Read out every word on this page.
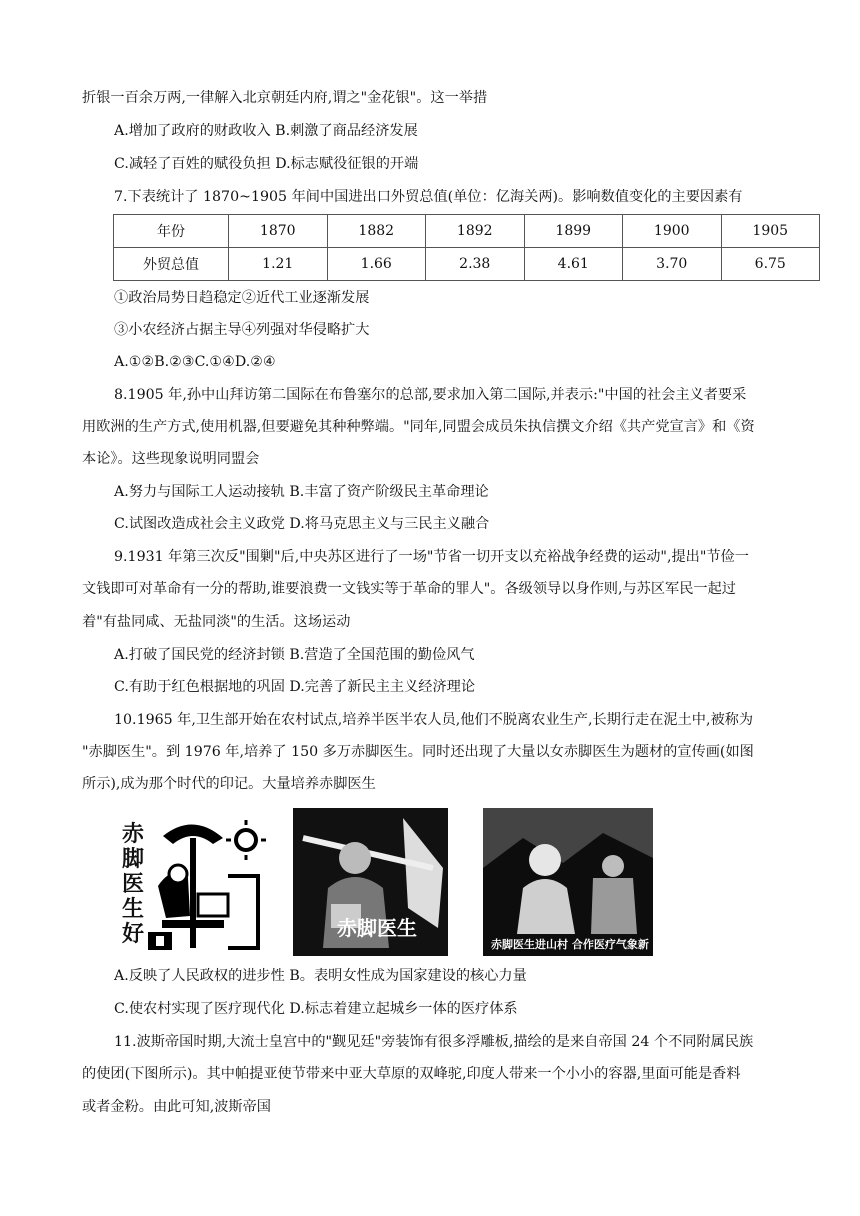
折银一百余万两,一律解入北京朝廷内府,谓之"金花银"。这一举措
A.增加了政府的财政收入 B.刺激了商品经济发展
C.减轻了百姓的赋役负担 D.标志赋役征银的开端
7.下表统计了 1870~1905 年间中国进出口外贸总值(单位：亿海关两)。影响数值变化的主要因素有
年份	1870	1882	1892	1899	1900	1905
外贸总值	1.21	1.66	2.38	4.61	3.70	6.75
①政治局势日趋稳定②近代工业逐渐发展
③小农经济占据主导④列强对华侵略扩大
A.①②B.②③C.①④D.②④
8.1905 年,孙中山拜访第二国际在布鲁塞尔的总部,要求加入第二国际,并表示:"中国的社会主义者要采
用欧洲的生产方式,使用机器,但要避免其种种弊端。"同年,同盟会成员朱执信撰文介绍《共产党宣言》和《资
本论》。这些现象说明同盟会
A.努力与国际工人运动接轨 B.丰富了资产阶级民主革命理论
C.试图改造成社会主义政党 D.将马克思主义与三民主义融合
9.1931 年第三次反"围剿"后,中央苏区进行了一场"节省一切开支以充裕战争经费的运动",提出"节俭一
文钱即可对革命有一分的帮助,谁要浪费一文钱实等于革命的罪人"。各级领导以身作则,与苏区军民一起过
着"有盐同咸、无盐同淡"的生活。这场运动
A.打破了国民党的经济封锁 B.营造了全国范围的勤俭风气
C.有助于红色根据地的巩固 D.完善了新民主主义经济理论
10.1965 年,卫生部开始在农村试点,培养半医半农人员,他们不脱离农业生产,长期行走在泥土中,被称为
"赤脚医生"。到 1976 年,培养了 150 多万赤脚医生。同时还出现了大量以女赤脚医生为题材的宣传画(如图
所示),成为那个时代的印记。大量培养赤脚医生
赤脚医生好	赤脚医生
赤脚医生进山村 合作医疗气象新
A.反映了人民政权的进步性 B。表明女性成为国家建设的核心力量
C.使农村实现了医疗现代化 D.标志着建立起城乡一体的医疗体系
11.波斯帝国时期,大流士皇宫中的"觐见廷"旁装饰有很多浮雕板,描绘的是来自帝国 24 个不同附属民族
的使团(下图所示)。其中帕提亚使节带来中亚大草原的双峰驼,印度人带来一个小小的容器,里面可能是香料
或者金粉。由此可知,波斯帝国
